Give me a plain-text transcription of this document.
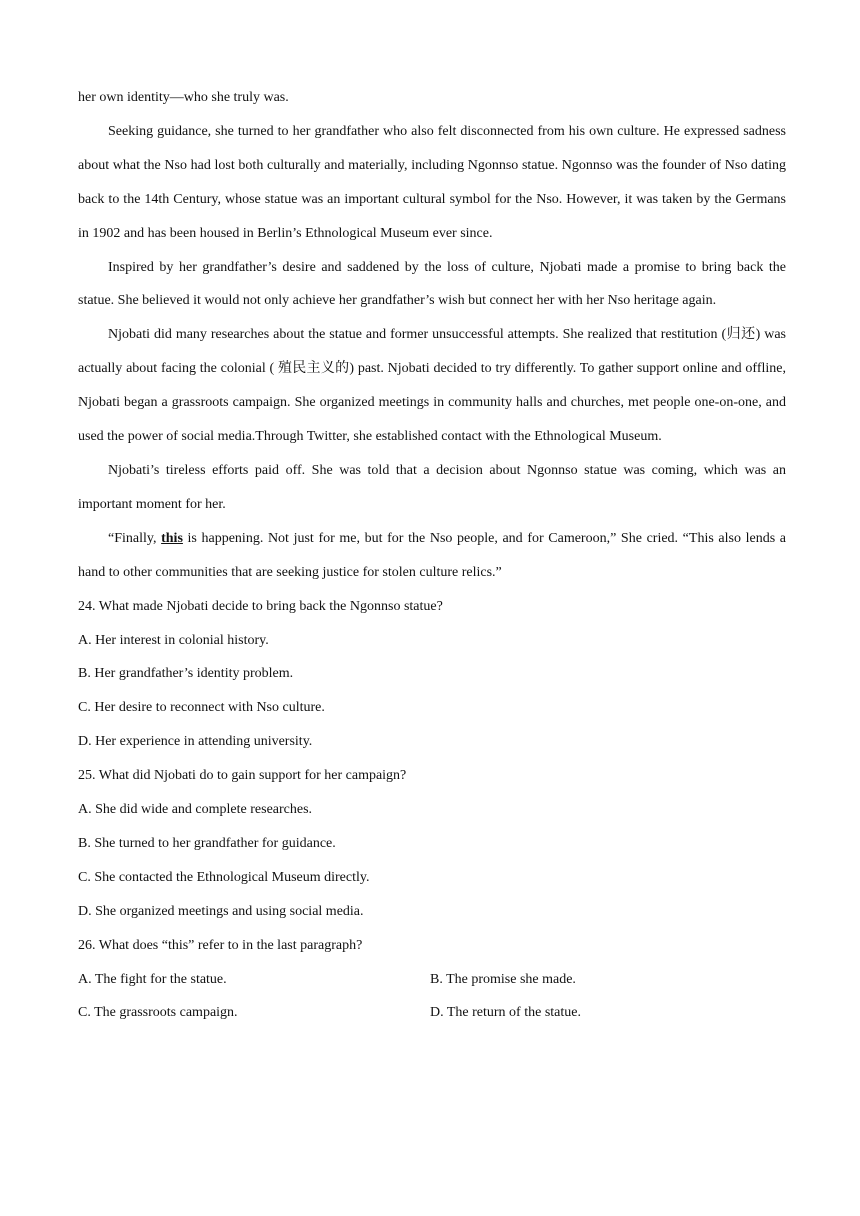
her own identity—who she truly was.

Seeking guidance, she turned to her grandfather who also felt disconnected from his own culture. He expressed sadness about what the Nso had lost both culturally and materially, including Ngonnso statue. Ngonnso was the founder of Nso dating back to the 14th Century, whose statue was an important cultural symbol for the Nso. However, it was taken by the Germans in 1902 and has been housed in Berlin’s Ethnological Museum ever since.

Inspired by her grandfather’s desire and saddened by the loss of culture, Njobati made a promise to bring back the statue. She believed it would not only achieve her grandfather’s wish but connect her with her Nso heritage again.

Njobati did many researches about the statue and former unsuccessful attempts. She realized that restitution (归还) was actually about facing the colonial ( 殖民主义的) past. Njobati decided to try differently. To gather support online and offline, Njobati began a grassroots campaign. She organized meetings in community halls and churches, met people one-on-one, and used the power of social media.Through Twitter, she established contact with the Ethnological Museum.

Njobati’s tireless efforts paid off. She was told that a decision about Ngonnso statue was coming, which was an important moment for her.

“Finally, this is happening. Not just for me, but for the Nso people, and for Cameroon,” She cried. “This also lends a hand to other communities that are seeking justice for stolen culture relics.”

24. What made Njobati decide to bring back the Ngonnso statue?

A. Her interest in colonial history.

B. Her grandfather’s identity problem.

C. Her desire to reconnect with Nso culture.

D. Her experience in attending university.

25. What did Njobati do to gain support for her campaign?

A. She did wide and complete researches.

B. She turned to her grandfather for guidance.

C. She contacted the Ethnological Museum directly.

D. She organized meetings and using social media.

26. What does “this” refer to in the last paragraph?

A. The fight for the statue.	B. The promise she made.
C. The grassroots campaign.	D. The return of the statue.
